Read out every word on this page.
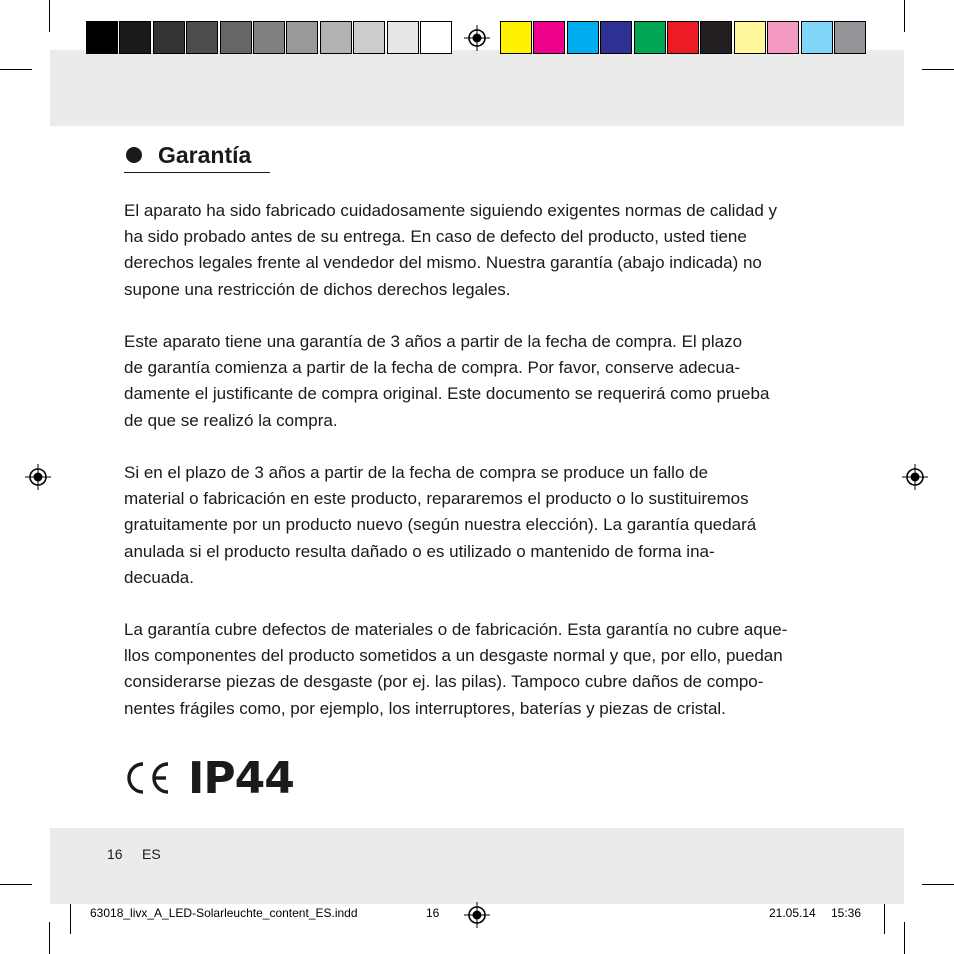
Garantía

El aparato ha sido fabricado cuidadosamente siguiendo exigentes normas de calidad y
ha sido probado antes de su entrega. En caso de defecto del producto, usted tiene
derechos legales frente al vendedor del mismo. Nuestra garantía (abajo indicada) no
supone una restricción de dichos derechos legales.

Este aparato tiene una garantía de 3 años a partir de la fecha de compra. El plazo
de garantía comienza a partir de la fecha de compra. Por favor, conserve adecua-
damente el justificante de compra original. Este documento se requerirá como prueba
de que se realizó la compra.

Si en el plazo de 3 años a partir de la fecha de compra se produce un fallo de
material o fabricación en este producto, repararemos el producto o lo sustituiremos
gratuitamente por un producto nuevo (según nuestra elección). La garantía quedará
anulada si el producto resulta dañado o es utilizado o mantenido de forma ina-
decuada.

La garantía cubre defectos de materiales o de fabricación. Esta garantía no cubre aque-
llos componentes del producto sometidos a un desgaste normal y que, por ello, puedan
considerarse piezas de desgaste (por ej. las pilas). Tampoco cubre daños de compo-
nentes frágiles como, por ejemplo, los interruptores, baterías y piezas de cristal.

IP44
16 ES
63018_livx_A_LED-Solarleuchte_content_ES.indd	16	21.05.14 15:36
